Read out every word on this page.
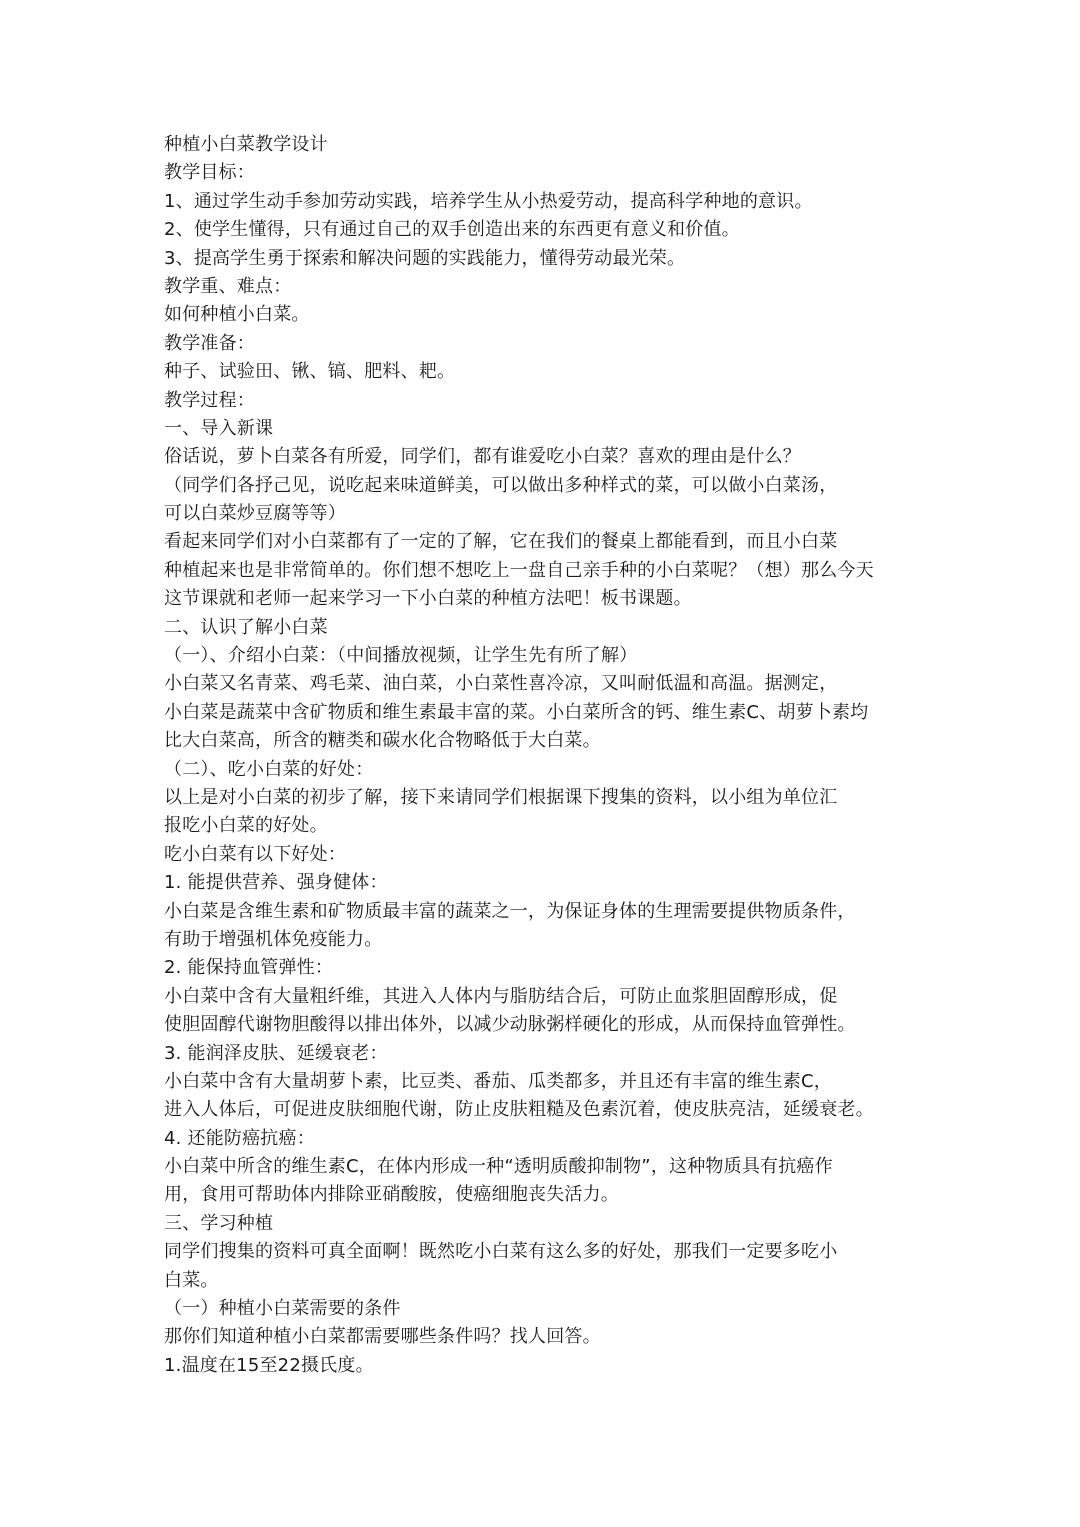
种植小白菜教学设计
教学目标：
1、通过学生动手参加劳动实践，培养学生从小热爱劳动，提高科学种地的意识。
2、使学生懂得，只有通过自己的双手创造出来的东西更有意义和价值。
3、提高学生勇于探索和解决问题的实践能力，懂得劳动最光荣。
教学重、难点：
如何种植小白菜。
教学准备：
种子、试验田、锹、镐、肥料、耙。
教学过程：
一、导入新课
俗话说，萝卜白菜各有所爱，同学们，都有谁爱吃小白菜？喜欢的理由是什么？
（同学们各抒己见，说吃起来味道鲜美，可以做出多种样式的菜，可以做小白菜汤，
可以白菜炒豆腐等等）
看起来同学们对小白菜都有了一定的了解，它在我们的餐桌上都能看到，而且小白菜
种植起来也是非常简单的。你们想不想吃上一盘自己亲手种的小白菜呢？（想）那么今天
这节课就和老师一起来学习一下小白菜的种植方法吧！板书课题。
二、认识了解小白菜
（一）、介绍小白菜：（中间播放视频，让学生先有所了解）
小白菜又名青菜、鸡毛菜、油白菜，小白菜性喜冷凉，又叫耐低温和高温。据测定，
小白菜是蔬菜中含矿物质和维生素最丰富的菜。小白菜所含的钙、维生素C、胡萝卜素均
比大白菜高，所含的糖类和碳水化合物略低于大白菜。
（二）、吃小白菜的好处：
以上是对小白菜的初步了解，接下来请同学们根据课下搜集的资料，以小组为单位汇
报吃小白菜的好处。
吃小白菜有以下好处：
1. 能提供营养、强身健体：
小白菜是含维生素和矿物质最丰富的蔬菜之一，为保证身体的生理需要提供物质条件，
有助于增强机体免疫能力。
2. 能保持血管弹性：
小白菜中含有大量粗纤维，其进入人体内与脂肪结合后，可防止血浆胆固醇形成，促
使胆固醇代谢物胆酸得以排出体外，以减少动脉粥样硬化的形成，从而保持血管弹性。
3. 能润泽皮肤、延缓衰老：
小白菜中含有大量胡萝卜素，比豆类、番茄、瓜类都多，并且还有丰富的维生素C，
进入人体后，可促进皮肤细胞代谢，防止皮肤粗糙及色素沉着，使皮肤亮洁，延缓衰老。
4. 还能防癌抗癌：
小白菜中所含的维生素C，在体内形成一种“透明质酸抑制物”，这种物质具有抗癌作
用，食用可帮助体内排除亚硝酸胺，使癌细胞丧失活力。
三、学习种植
同学们搜集的资料可真全面啊！既然吃小白菜有这么多的好处，那我们一定要多吃小
白菜。
（一）种植小白菜需要的条件
那你们知道种植小白菜都需要哪些条件吗？找人回答。
1.温度在15至22摄氏度。
